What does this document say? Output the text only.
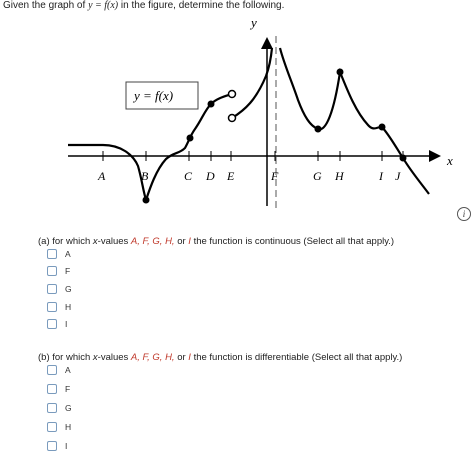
Given the graph of y = f(x) in the figure, determine the following.
y
x
A	B	C D E	F	G H	I J
y = f(x)
i
(a) for which x-values A, F, G, H, or I the function is continuous (Select all that apply.)
A
F
G
H
I
(b) for which x-values A, F, G, H, or I the function is differentiable (Select all that apply.)
A
F
G
H
I
